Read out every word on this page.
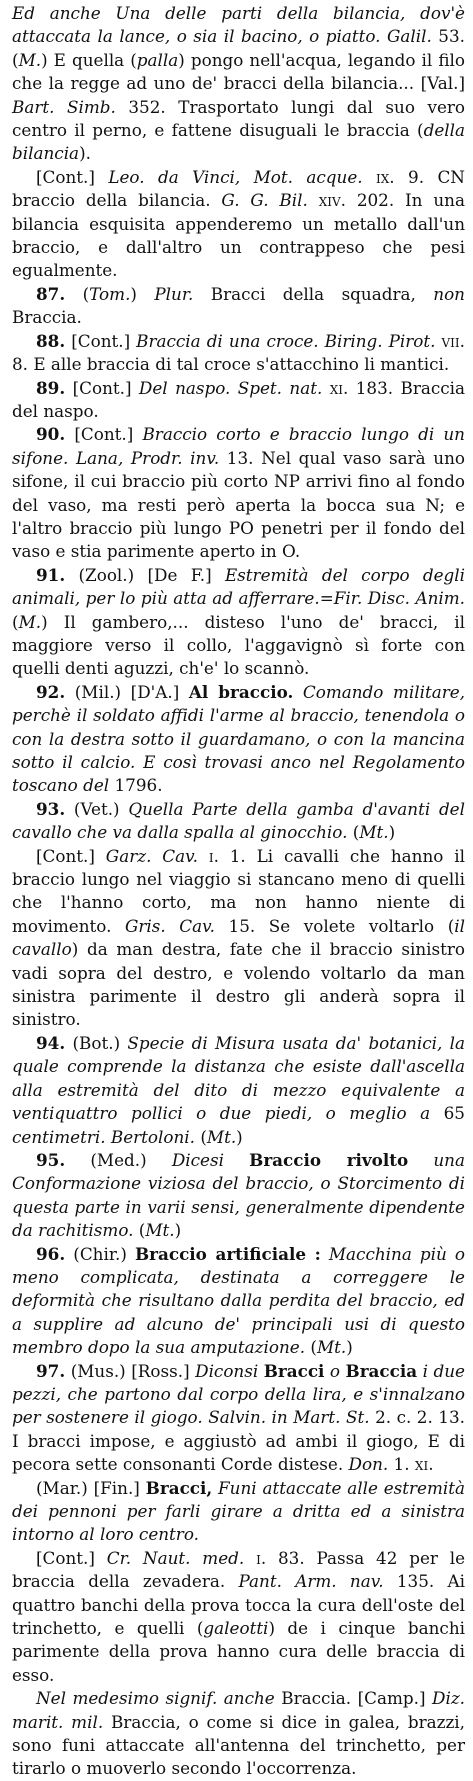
Ed anche Una delle parti della bilancia, dov'è attaccata la lance, o sia il bacino, o piatto. Galil. 53. (M.) E quella (palla) pongo nell'acqua, legando il filo che la regge ad uno de' bracci della bilancia... [Val.] Bart. Simb. 352. Trasportato lungi dal suo vero centro il perno, e fattene disuguali le braccia (della bilancia).

[Cont.] Leo. da Vinci, Mot. acque. ix. 9. CN braccio della bilancia. G. G. Bil. xiv. 202. In una bilancia esquisita appenderemo un metallo dall'un braccio, e dall'altro un contrappeso che pesi egualmente.

87. (Tom.) Plur. Bracci della squadra, non Braccia.

88. [Cont.] Braccia di una croce. Biring. Pirot. vii. 8. E alle braccia di tal croce s'attacchino li mantici.

89. [Cont.] Del naspo. Spet. nat. xi. 183. Braccia del naspo.

90. [Cont.] Braccio corto e braccio lungo di un sifone. Lana, Prodr. inv. 13. Nel qual vaso sarà uno sifone, il cui braccio più corto NP arrivi fino al fondo del vaso, ma resti però aperta la bocca sua N; e l'altro braccio più lungo PO penetri per il fondo del vaso e stia parimente aperto in O.

91. (Zool.) [De F.] Estremità del corpo degli animali, per lo più atta ad afferrare.=Fir. Disc. Anim. (M.) Il gambero,... disteso l'uno de' bracci, il maggiore verso il collo, l'aggavignò sì forte con quelli denti aguzzi, ch'e' lo scannò.

92. (Mil.) [D'A.] Al braccio. Comando militare, perchè il soldato affidi l'arme al braccio, tenendola o con la destra sotto il guardamano, o con la mancina sotto il calcio. E così trovasi anco nel Regolamento toscano del 1796.

93. (Vet.) Quella Parte della gamba d'avanti del cavallo che va dalla spalla al ginocchio. (Mt.)

[Cont.] Garz. Cav. i. 1. Li cavalli che hanno il braccio lungo nel viaggio si stancano meno di quelli che l'hanno corto, ma non hanno niente di movimento. Gris. Cav. 15. Se volete voltarlo (il cavallo) da man destra, fate che il braccio sinistro vadi sopra del destro, e volendo voltarlo da man sinistra parimente il destro gli anderà sopra il sinistro.

94. (Bot.) Specie di Misura usata da' botanici, la quale comprende la distanza che esiste dall'ascella alla estremità del dito di mezzo equivalente a ventiquattro pollici o due piedi, o meglio a 65 centimetri. Bertoloni. (Mt.)

95. (Med.) Dicesi Braccio rivolto una Conformazione viziosa del braccio, o Storcimento di questa parte in varii sensi, generalmente dipendente da rachitismo. (Mt.)

96. (Chir.) Braccio artificiale : Macchina più o meno complicata, destinata a correggere le deformità che risultano dalla perdita del braccio, ed a supplire ad alcuno de' principali usi di questo membro dopo la sua amputazione. (Mt.)

97. (Mus.) [Ross.] Diconsi Bracci o Braccia i due pezzi, che partono dal corpo della lira, e s'innalzano per sostenere il giogo. Salvin. in Mart. St. 2. c. 2. 13. I bracci impose, e aggiustò ad ambi il giogo, E di pecora sette consonanti Corde distese. Don. 1. xi.

(Mar.) [Fin.] Bracci, Funi attaccate alle estremità dei pennoni per farli girare a dritta ed a sinistra intorno al loro centro.

[Cont.] Cr. Naut. med. i. 83. Passa 42 per le braccia della zevadera. Pant. Arm. nav. 135. Ai quattro banchi della prova tocca la cura dell'oste del trinchetto, e quelli (galeotti) de i cinque banchi parimente della prova hanno cura delle braccia di esso.

Nel medesimo signif. anche Braccia. [Camp.] Diz. marit. mil. Braccia, o come si dice in galea, brazzi, sono funi attaccate all'antenna del trinchetto, per tirarlo o muoverlo secondo l'occorrenza.
